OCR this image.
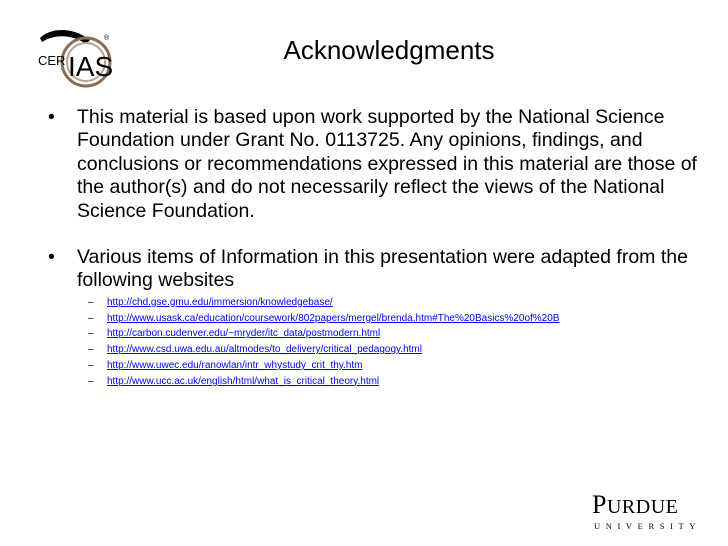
CER IAS
®	Acknowledgments
• This material is based upon work supported by the National Science Foundation under Grant No. 0113725. Any opinions, findings, and conclusions or recommendations expressed in this material are those of the author(s) and do not necessarily reflect the views of the National Science Foundation.
• Various items of Information in this presentation were adapted from the following websites
– http://chd.gse.gmu.edu/immersion/knowledgebase/
– http://www.usask.ca/education/coursework/802papers/mergel/brenda.htm#The%20Basics%20of%20B
– http://carbon.cudenver.edu/~mryder/itc_data/postmodern.html
– http://www.csd.uwa.edu.au/altmodes/to_delivery/critical_pedagogy.html
– http://www.uwec.edu/ranowlan/intr_whystudy_crit_thy.htm
– http://www.ucc.ac.uk/english/html/what_is_critical_theory.html
PURDUE
UNIVERSITY
